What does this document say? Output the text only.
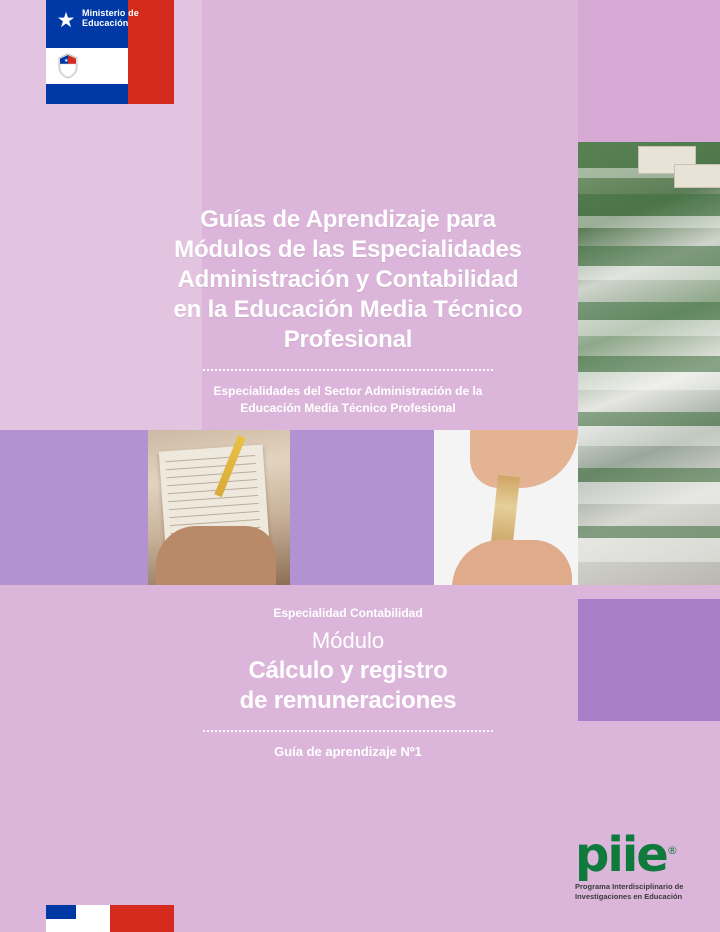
★ Ministerio de
Educación
★
Guías de Aprendizaje para
Módulos de las Especialidades
Administración y Contabilidad
en la Educación Media Técnico
Profesional
Especialidades del Sector Administración de la
Educación Media Técnico Profesional
Especialidad Contabilidad
Módulo
Cálculo y registro
de remuneraciones
Guía de aprendizaje Nº1
piie®
Programa Interdisciplinario de
Investigaciones en Educación
